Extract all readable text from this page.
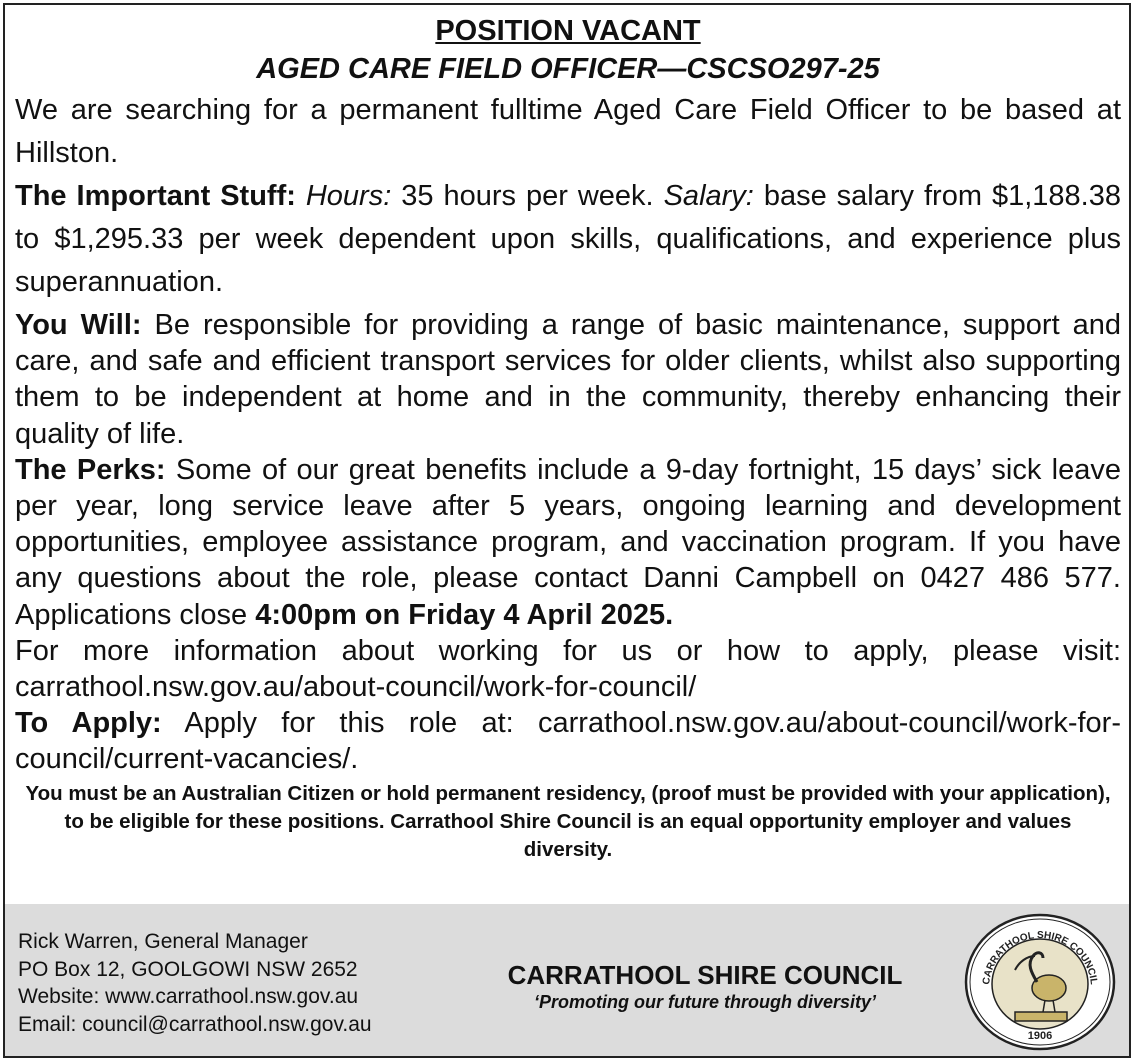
POSITION VACANT
AGED CARE FIELD OFFICER—CSCSO297-25

We are searching for a permanent fulltime Aged Care Field Officer to be based at Hillston.

The Important Stuff: Hours: 35 hours per week. Salary: base salary from $1,188.38 to $1,295.33 per week dependent upon skills, qualifications, and experience plus superannuation.

You Will: Be responsible for providing a range of basic maintenance, support and care, and safe and efficient transport services for older clients, whilst also supporting them to be independent at home and in the community, thereby enhancing their quality of life.

The Perks: Some of our great benefits include a 9-day fortnight, 15 days’ sick leave per year, long service leave after 5 years, ongoing learning and development opportunities, employee assistance program, and vaccination program. If you have any questions about the role, please contact Danni Campbell on 0427 486 577. Applications close 4:00pm on Friday 4 April 2025.

For more information about working for us or how to apply, please visit: carrathool.nsw.gov.au/about-council/work-for-council/

To Apply: Apply for this role at: carrathool.nsw.gov.au/about-council/work-for-council/current-vacancies/.

You must be an Australian Citizen or hold permanent residency, (proof must be provided with your application), to be eligible for these positions. Carrathool Shire Council is an equal opportunity employer and values diversity.
Rick Warren, General Manager
PO Box 12, GOOLGOWI NSW 2652
Website: www.carrathool.nsw.gov.au
Email: council@carrathool.nsw.gov.au
CARRATHOOL SHIRE COUNCIL
‘Promoting our future through diversity’
CARRATHOOL SHIRE COUNCIL
1906
